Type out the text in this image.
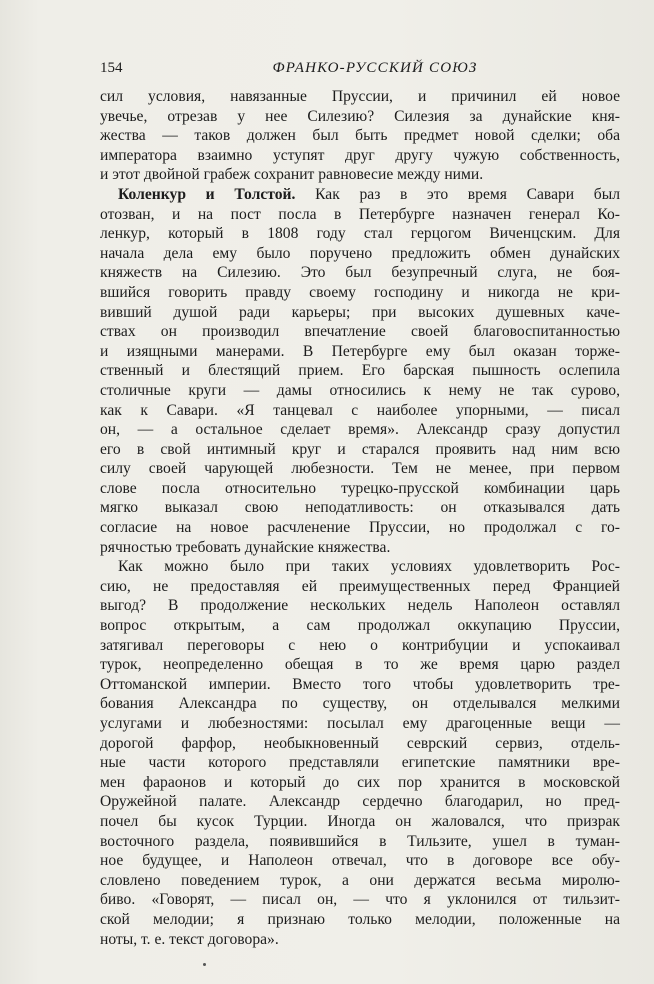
154	ФРАНКО-РУССКИЙ СОЮЗ
сил условия, навязанные Пруссии, и причинил ей новое
увечье, отрезав у нее Силезию? Силезия за дунайские кня-
жества — таков должен был быть предмет новой сделки; оба
императора взаимно уступят друг другу чужую собственность,
и этот двойной грабеж сохранит равновесие между ними.
Коленкур и Толстой. Как раз в это время Савари был
отозван, и на пост посла в Петербурге назначен генерал Ко-
ленкур, который в 1808 году стал герцогом Виченцским. Для
начала дела ему было поручено предложить обмен дунайских
княжеств на Силезию. Это был безупречный слуга, не боя-
вшийся говорить правду своему господину и никогда не кри-
вивший душой ради карьеры; при высоких душевных каче-
ствах он производил впечатление своей благовоспитанностью
и изящными манерами. В Петербурге ему был оказан торже-
ственный и блестящий прием. Его барская пышность ослепила
столичные круги — дамы относились к нему не так сурово,
как к Савари. «Я танцевал с наиболее упорными, — писал
он, — а остальное сделает время». Александр сразу допустил
его в свой интимный круг и старался проявить над ним всю
силу своей чарующей любезности. Тем не менее, при первом
слове посла относительно турецко-прусской комбинации царь
мягко выказал свою неподатливость: он отказывался дать
согласие на новое расчленение Пруссии, но продолжал с го-
рячностью требовать дунайские княжества.
Как можно было при таких условиях удовлетворить Рос-
сию, не предоставляя ей преимущественных перед Францией
выгод? В продолжение нескольких недель Наполеон оставлял
вопрос открытым, а сам продолжал оккупацию Пруссии,
затягивал переговоры с нею о контрибуции и успокаивал
турок, неопределенно обещая в то же время царю раздел
Оттоманской империи. Вместо того чтобы удовлетворить тре-
бования Александра по существу, он отделывался мелкими
услугами и любезностями: посылал ему драгоценные вещи —
дорогой фарфор, необыкновенный севрский сервиз, отдель-
ные части которого представляли египетские памятники вре-
мен фараонов и который до сих пор хранится в московской
Оружейной палате. Александр сердечно благодарил, но пред-
почел бы кусок Турции. Иногда он жаловался, что призрак
восточного раздела, появившийся в Тильзите, ушел в туман-
ное будущее, и Наполеон отвечал, что в договоре все обу-
словлено поведением турок, а они держатся весьма миролю-
биво. «Говорят, — писал он, — что я уклонился от тильзит-
ской мелодии; я признаю только мелодии, положенные на
ноты, т. е. текст договора».
